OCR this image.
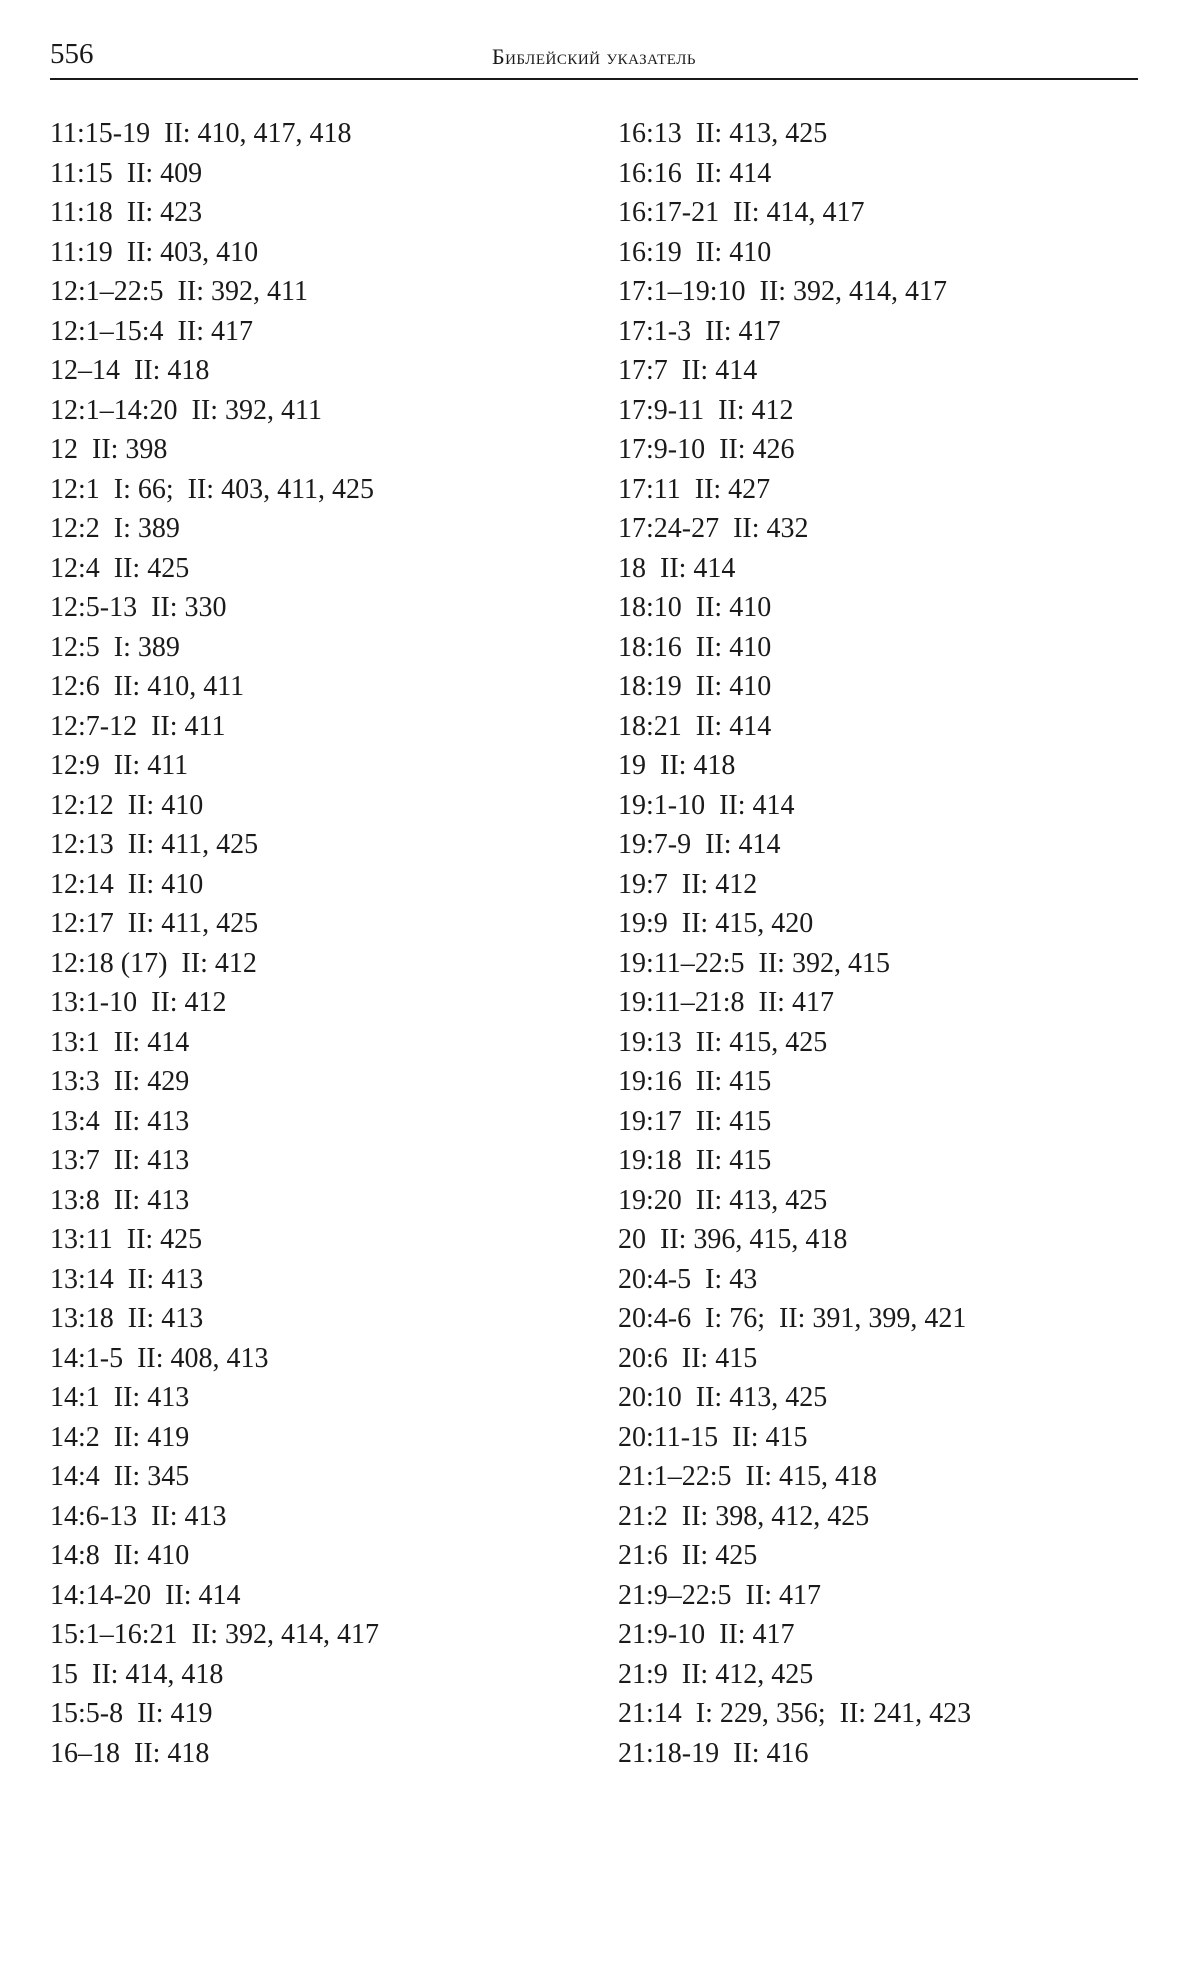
556	Библейский указатель
11:15-19  II: 410, 417, 418
11:15  II: 409
11:18  II: 423
11:19  II: 403, 410
12:1–22:5  II: 392, 411
12:1–15:4  II: 417
12–14  II: 418
12:1–14:20  II: 392, 411
12  II: 398
12:1  I: 66;  II: 403, 411, 425
12:2  I: 389
12:4  II: 425
12:5-13  II: 330
12:5  I: 389
12:6  II: 410, 411
12:7-12  II: 411
12:9  II: 411
12:12  II: 410
12:13  II: 411, 425
12:14  II: 410
12:17  II: 411, 425
12:18 (17)  II: 412
13:1-10  II: 412
13:1  II: 414
13:3  II: 429
13:4  II: 413
13:7  II: 413
13:8  II: 413
13:11  II: 425
13:14  II: 413
13:18  II: 413
14:1-5  II: 408, 413
14:1  II: 413
14:2  II: 419
14:4  II: 345
14:6-13  II: 413
14:8  II: 410
14:14-20  II: 414
15:1–16:21  II: 392, 414, 417
15  II: 414, 418
15:5-8  II: 419
16–18  II: 418
16:13  II: 413, 425
16:16  II: 414
16:17-21  II: 414, 417
16:19  II: 410
17:1–19:10  II: 392, 414, 417
17:1-3  II: 417
17:7  II: 414
17:9-11  II: 412
17:9-10  II: 426
17:11  II: 427
17:24-27  II: 432
18  II: 414
18:10  II: 410
18:16  II: 410
18:19  II: 410
18:21  II: 414
19  II: 418
19:1-10  II: 414
19:7-9  II: 414
19:7  II: 412
19:9  II: 415, 420
19:11–22:5  II: 392, 415
19:11–21:8  II: 417
19:13  II: 415, 425
19:16  II: 415
19:17  II: 415
19:18  II: 415
19:20  II: 413, 425
20  II: 396, 415, 418
20:4-5  I: 43
20:4-6  I: 76;  II: 391, 399, 421
20:6  II: 415
20:10  II: 413, 425
20:11-15  II: 415
21:1–22:5  II: 415, 418
21:2  II: 398, 412, 425
21:6  II: 425
21:9–22:5  II: 417
21:9-10  II: 417
21:9  II: 412, 425
21:14  I: 229, 356;  II: 241, 423
21:18-19  II: 416
